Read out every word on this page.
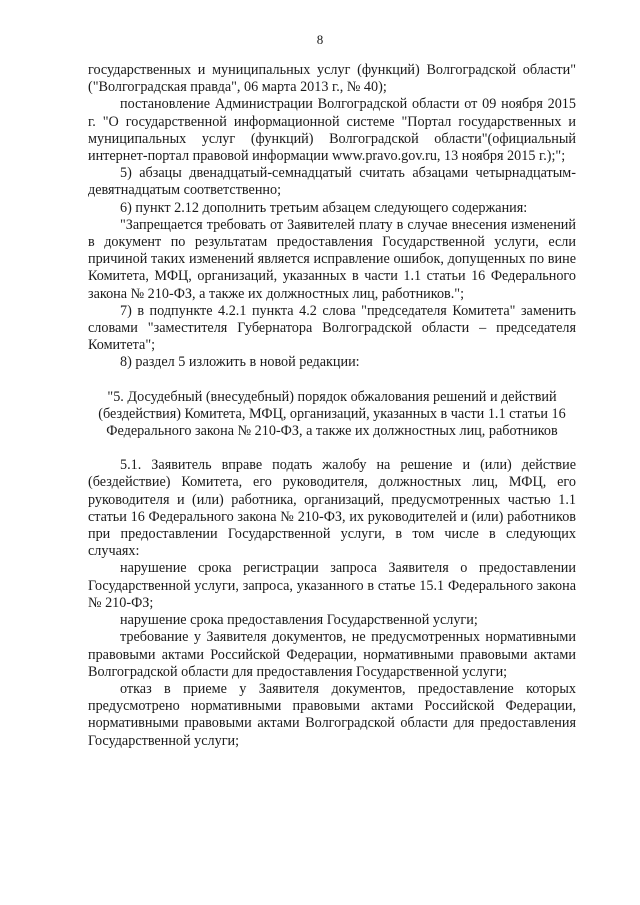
8

государственных и муниципальных услуг (функций) Волгоградской области" ("Волгоградская правда", 06 марта 2013 г., № 40);

постановление Администрации Волгоградской области от 09 ноября 2015 г. "О государственной информационной системе "Портал государственных и муниципальных услуг (функций) Волгоградской области"(официальный интернет-портал правовой информации www.pravo.gov.ru, 13 ноября 2015 г.);";

5) абзацы двенадцатый-семнадцатый считать абзацами четырнадцатым-девятнадцатым соответственно;

6) пункт 2.12 дополнить третьим абзацем следующего содержания:

"Запрещается требовать от Заявителей плату в случае внесения изменений в документ по результатам предоставления Государственной услуги, если причиной таких изменений является исправление ошибок, допущенных по вине Комитета, МФЦ, организаций, указанных в части 1.1 статьи 16 Федерального закона № 210-ФЗ, а также их должностных лиц, работников.";

7) в подпункте 4.2.1 пункта 4.2 слова "председателя Комитета" заменить словами "заместителя Губернатора Волгоградской области – председателя Комитета";

8) раздел 5 изложить в новой редакции:

"5. Досудебный (внесудебный) порядок обжалования решений и действий (бездействия) Комитета, МФЦ, организаций, указанных в части 1.1 статьи 16 Федерального закона № 210-ФЗ, а также их должностных лиц, работников

5.1. Заявитель вправе подать жалобу на решение и (или) действие (бездействие) Комитета, его руководителя, должностных лиц, МФЦ, его руководителя и (или) работника, организаций, предусмотренных частью 1.1 статьи 16 Федерального закона № 210-ФЗ, их руководителей и (или) работников при предоставлении Государственной услуги, в том числе в следующих случаях:

нарушение срока регистрации запроса Заявителя о предоставлении Государственной услуги, запроса, указанного в статье 15.1 Федерального закона № 210-ФЗ;

нарушение срока предоставления Государственной услуги;

требование у Заявителя документов, не предусмотренных нормативными правовыми актами Российской Федерации, нормативными правовыми актами Волгоградской области для предоставления Государственной услуги;

отказ в приеме у Заявителя документов, предоставление которых предусмотрено нормативными правовыми актами Российской Федерации, нормативными правовыми актами Волгоградской области для предоставления Государственной услуги;
